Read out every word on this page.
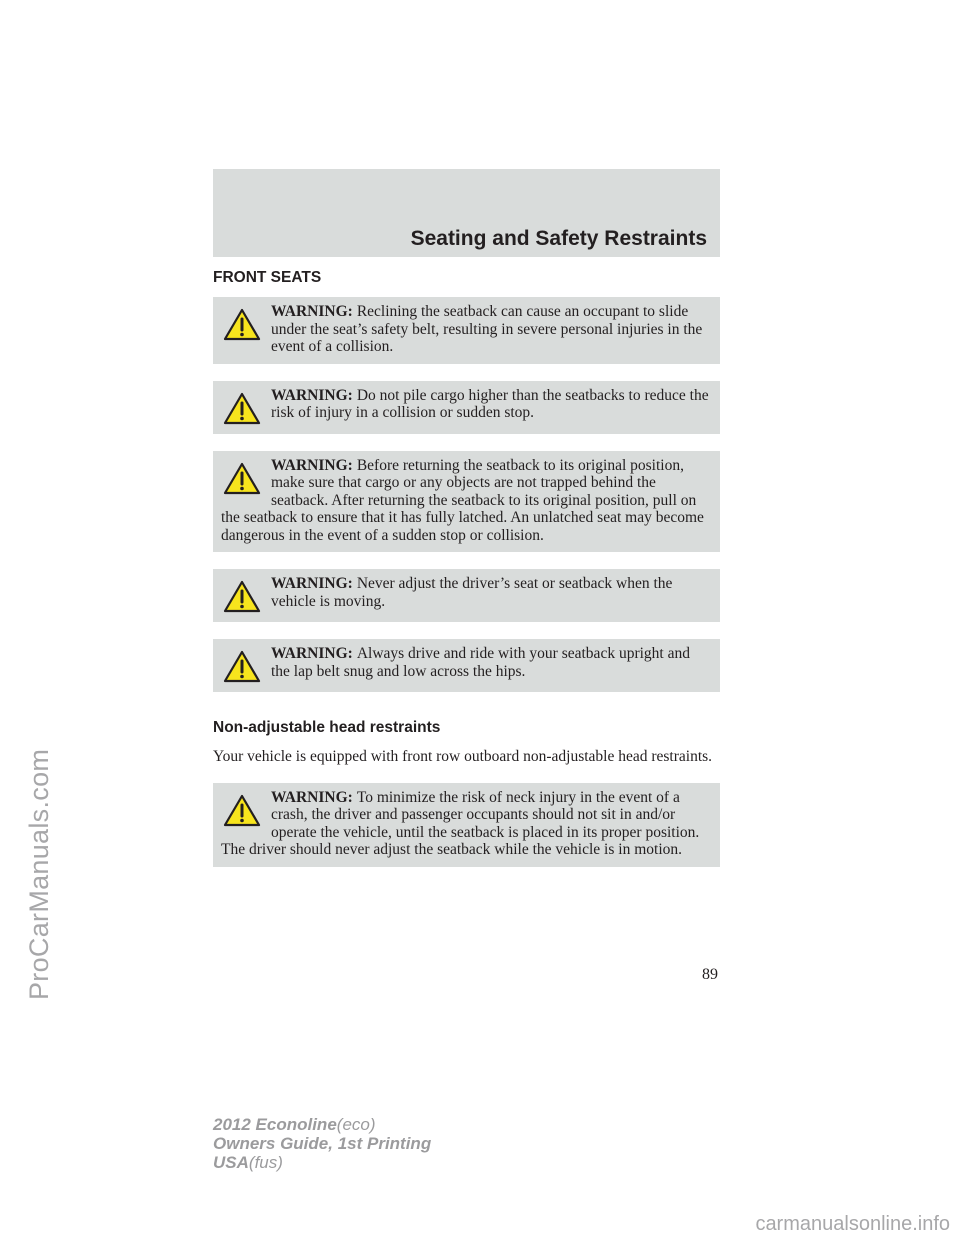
Seating and Safety Restraints
FRONT SEATS
WARNING: Reclining the seatback can cause an occupant to slide under the seat’s safety belt, resulting in severe personal injuries in the event of a collision.
WARNING: Do not pile cargo higher than the seatbacks to reduce the risk of injury in a collision or sudden stop.
WARNING: Before returning the seatback to its original position, make sure that cargo or any objects are not trapped behind the seatback. After returning the seatback to its original position, pull on the seatback to ensure that it has fully latched. An unlatched seat may become dangerous in the event of a sudden stop or collision.
WARNING: Never adjust the driver’s seat or seatback when the vehicle is moving.
WARNING: Always drive and ride with your seatback upright and the lap belt snug and low across the hips.
Non-adjustable head restraints

Your vehicle is equipped with front row outboard non-adjustable head restraints.

WARNING: To minimize the risk of neck injury in the event of a crash, the driver and passenger occupants should not sit in and/or operate the vehicle, until the seatback is placed in its proper position. The driver should never adjust the seatback while the vehicle is in motion.
89
2012 Econoline(eco)
Owners Guide, 1st Printing
USA(fus)
ProCarManuals.com
carmanualsonline.info
